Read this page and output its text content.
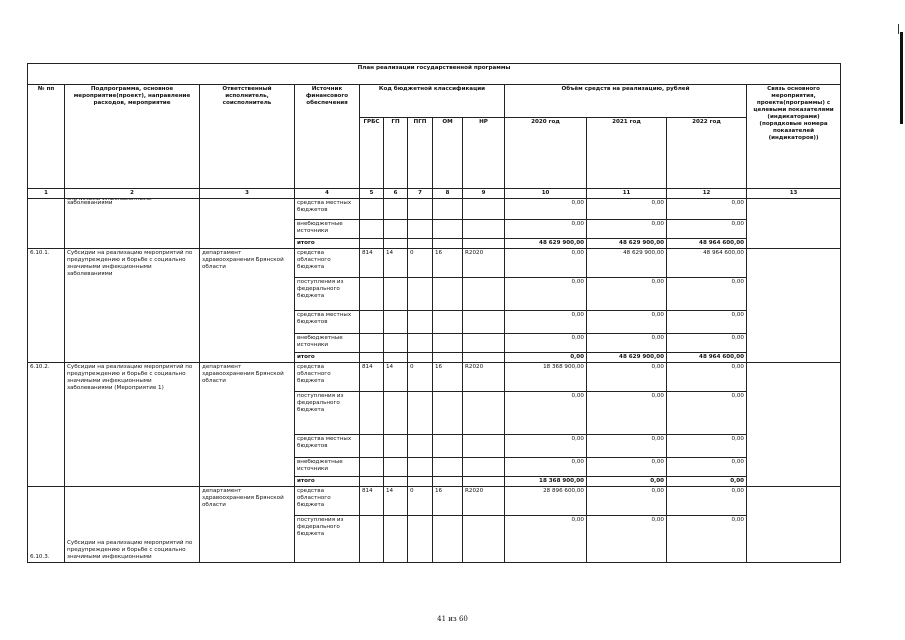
План реализации государственной программы												
№ пп	Подпрограмма, основное мероприятие(проект), направление расходов, мероприятие	Ответственный исполнитель, соисполнитель	Источник финансового обеспечения	Код бюджетной классификации					Объём средств на реализацию, рублей			Связь основного мероприятия, проекта(программы) с целевыми показателями (индикаторами) (порядковые номера показателей (индикаторов))
				ГРБС	ГП	ПГП	ОМ	НР	2020 год	2021 год	2022 год	
1	2	3	4	5	6	7	8	9	10	11	12	13

	заболеваниями		средства местных бюджетов						0,00	0,00	0,00	
			внебюджетные источники						0,00	0,00	0,00	
			итого						48 629 900,00	48 629 900,00	48 964 600,00	
6.10.1.	Субсидии на реализацию мероприятий по предупреждению и борьбе с социально значимыми инфекционными заболеваниями	департамент здравоохранения Брянской области	средства областного бюджета	814	14	0	16	R2020	0,00	48 629 900,00	48 964 600,00	
			поступления из федерального бюджета						0,00	0,00	0,00	
			средства местных бюджетов						0,00	0,00	0,00	
			внебюджетные источники						0,00	0,00	0,00	
			итого						0,00	48 629 900,00	48 964 600,00	
6.10.2.	Субсидии на реализацию мероприятий по предупреждению и борьбе с социально значимыми инфекционными заболеваниями (Мероприятие 1)	департамент здравоохранения Брянской области	средства областного бюджета	814	14	0	16	R2020	18 368 900,00	0,00	0,00	
			поступления из федерального бюджета						0,00	0,00	0,00	
			средства местных бюджетов						0,00	0,00	0,00	
			внебюджетные источники						0,00	0,00	0,00	
			итого						18 368 900,00	0,00	0,00	
6.10.3.	Субсидии на реализацию мероприятий по предупреждению и борьбе с социально значимыми инфекционными	департамент здравоохранения Брянской области	средства областного бюджета	814	14	0	16	R2020	28 896 600,00	0,00	0,00	
			поступления из федерального бюджета						0,00	0,00	0,00	
41 из 60
